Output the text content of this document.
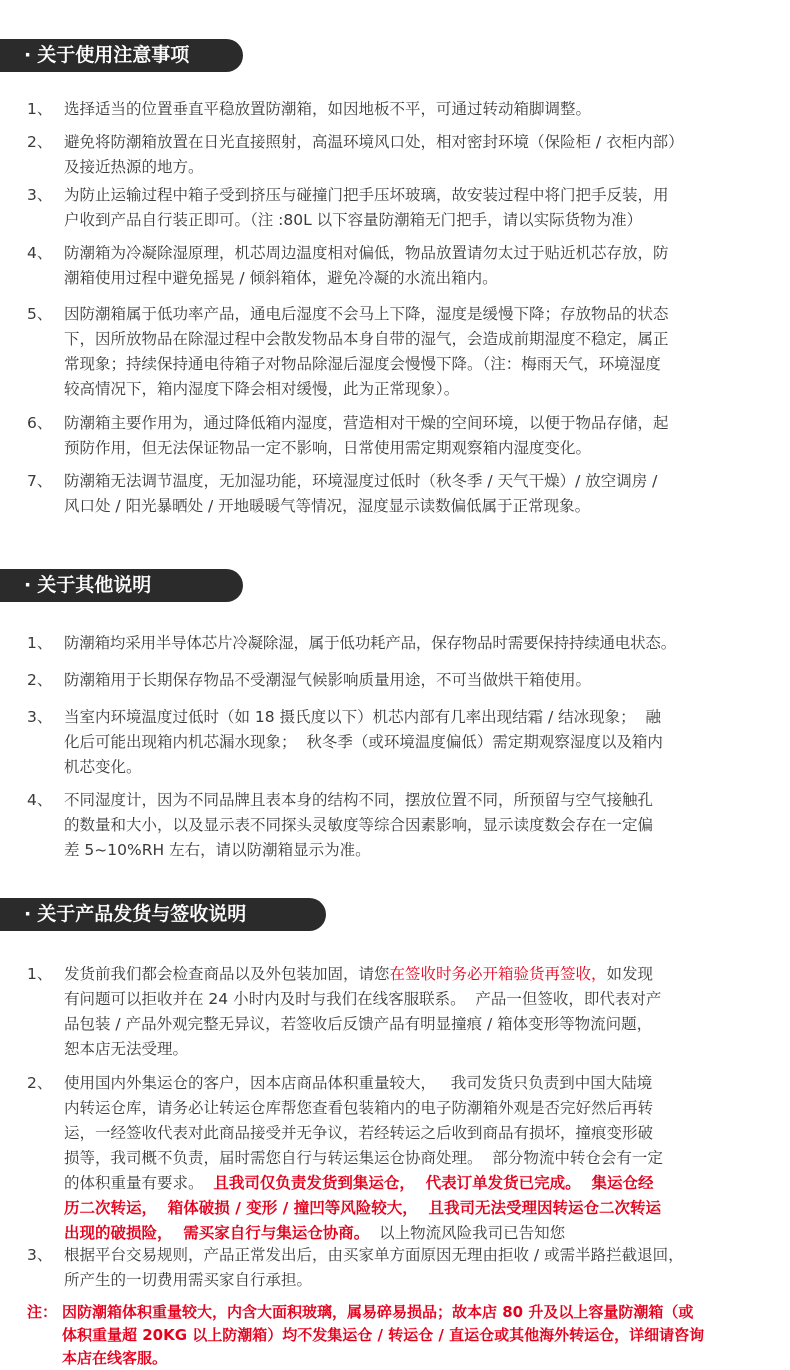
· 关于使用注意事项
1、 选择适当的位置垂直平稳放置防潮箱，如因地板不平，可通过转动箱脚调整。
2、 避免将防潮箱放置在日光直接照射，高温环境风口处，相对密封环境（保险柜 / 衣柜内部）
及接近热源的地方。
3、 为防止运输过程中箱子受到挤压与碰撞门把手压坏玻璃，故安装过程中将门把手反装，用
户收到产品自行装正即可。（注 :80L 以下容量防潮箱无门把手，请以实际货物为准）
4、 防潮箱为冷凝除湿原理，机芯周边温度相对偏低，物品放置请勿太过于贴近机芯存放，防
潮箱使用过程中避免摇晃 / 倾斜箱体，避免冷凝的水流出箱内。
5、 因防潮箱属于低功率产品，通电后湿度不会马上下降，湿度是缓慢下降；存放物品的状态
下，因所放物品在除湿过程中会散发物品本身自带的湿气，会造成前期湿度不稳定，属正
常现象；持续保持通电待箱子对物品除湿后湿度会慢慢下降。（注：梅雨天气，环境湿度
较高情况下，箱内湿度下降会相对缓慢，此为正常现象）。
6、 防潮箱主要作用为，通过降低箱内湿度，营造相对干燥的空间环境，以便于物品存储，起
预防作用，但无法保证物品一定不影响，日常使用需定期观察箱内湿度变化。
7、 防潮箱无法调节温度，无加湿功能，环境湿度过低时（秋冬季 / 天气干燥）/ 放空调房 /
风口处 / 阳光暴晒处 / 开地暖暖气等情况，湿度显示读数偏低属于正常现象。
· 关于其他说明
1、 防潮箱均采用半导体芯片冷凝除湿，属于低功耗产品，保存物品时需要保持持续通电状态。
2、 防潮箱用于长期保存物品不受潮湿气候影响质量用途，不可当做烘干箱使用。
3、 当室内环境温度过低时（如 18 摄氏度以下）机芯内部有几率出现结霜 / 结冰现象；  融
化后可能出现箱内机芯漏水现象；  秋冬季（或环境温度偏低）需定期观察湿度以及箱内
机芯变化。
4、 不同湿度计，因为不同品牌且表本身的结构不同，摆放位置不同，所预留与空气接触孔
的数量和大小，以及显示表不同探头灵敏度等综合因素影响，显示读度数会存在一定偏
差 5~10%RH 左右，请以防潮箱显示为准。
· 关于产品发货与签收说明
1、 发货前我们都会检查商品以及外包装加固，请您在签收时务必开箱验货再签收，如发现
有问题可以拒收并在 24 小时内及时与我们在线客服联系。  产品一但签收，即代表对产
品包装 / 产品外观完整无异议，若签收后反馈产品有明显撞痕 / 箱体变形等物流问题，
恕本店无法受理。
2、 使用国内外集运仓的客户，因本店商品体积重量较大，   我司发货只负责到中国大陆境
内转运仓库，请务必让转运仓库帮您查看包装箱内的电子防潮箱外观是否完好然后再转
运，一经签收代表对此商品接受并无争议，若经转运之后收到商品有损坏，撞痕变形破
损等，我司概不负责，届时需您自行与转运集运仓协商处理。  部分物流中转仓会有一定
的体积重量有要求。  且我司仅负责发货到集运仓，  代表订单发货已完成。  集运仓经
历二次转运，  箱体破损 / 变形 / 撞凹等风险较大，  且我司无法受理因转运仓二次转运
出现的破损险，  需买家自行与集运仓协商。  以上物流风险我司已告知您
3、 根据平台交易规则，产品正常发出后，由买家单方面原因无理由拒收 / 或需半路拦截退回，
所产生的一切费用需买家自行承担。
注： 因防潮箱体积重量较大，内含大面积玻璃，属易碎易损品；故本店 80 升及以上容量防潮箱（或
体积重量超 20KG 以上防潮箱）均不发集运仓 / 转运仓 / 直运仓或其他海外转运仓，详细请咨询
本店在线客服。
